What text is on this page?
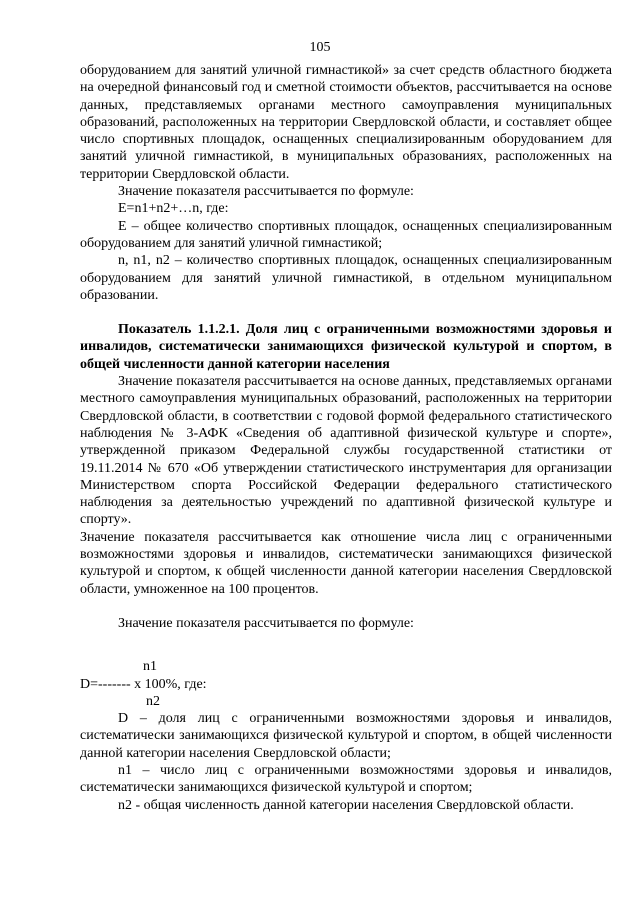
105

оборудованием для занятий уличной гимнастикой» за счет средств областного бюджета на очередной финансовый год и сметной стоимости объектов, рассчитывается на основе данных, представляемых органами местного самоуправления муниципальных образований, расположенных на территории Свердловской области, и составляет общее число спортивных площадок, оснащенных специализированным оборудованием для занятий уличной гимнастикой, в муниципальных образованиях, расположенных на территории Свердловской области.

Значение показателя рассчитывается по формуле:

E=n1+n2+…n, где:

E – общее количество спортивных площадок, оснащенных специализированным оборудованием для занятий уличной гимнастикой;

n, n1, n2 – количество спортивных площадок, оснащенных специализированным оборудованием для занятий уличной гимнастикой, в отдельном муниципальном образовании.

Показатель 1.1.2.1. Доля лиц с ограниченными возможностями здоровья и инвалидов, систематически занимающихся физической культурой и спортом, в общей численности данной категории населения

Значение показателя рассчитывается на основе данных, представляемых органами местного самоуправления муниципальных образований, расположенных на территории Свердловской области, в соответствии с годовой формой федерального статистического наблюдения № 3-АФК «Сведения об адаптивной физической культуре и спорте», утвержденной приказом Федеральной службы государственной статистики от 19.11.2014 № 670 «Об утверждении статистического инструментария для организации Министерством спорта Российской Федерации федерального статистического наблюдения за деятельностью учреждений по адаптивной физической культуре и спорту».

Значение показателя рассчитывается как отношение числа лиц с ограниченными возможностями здоровья и инвалидов, систематически занимающихся физической культурой и спортом, к общей численности данной категории населения Свердловской области, умноженное на 100 процентов.

Значение показателя рассчитывается по формуле:

n1
D=------- x 100%, где:
n2

D – доля лиц с ограниченными возможностями здоровья и инвалидов, систематически занимающихся физической культурой и спортом, в общей численности данной категории населения Свердловской области;

n1 – число лиц с ограниченными возможностями здоровья и инвалидов, систематически занимающихся физической культурой и спортом;

n2 - общая численность данной категории населения Свердловской области.
